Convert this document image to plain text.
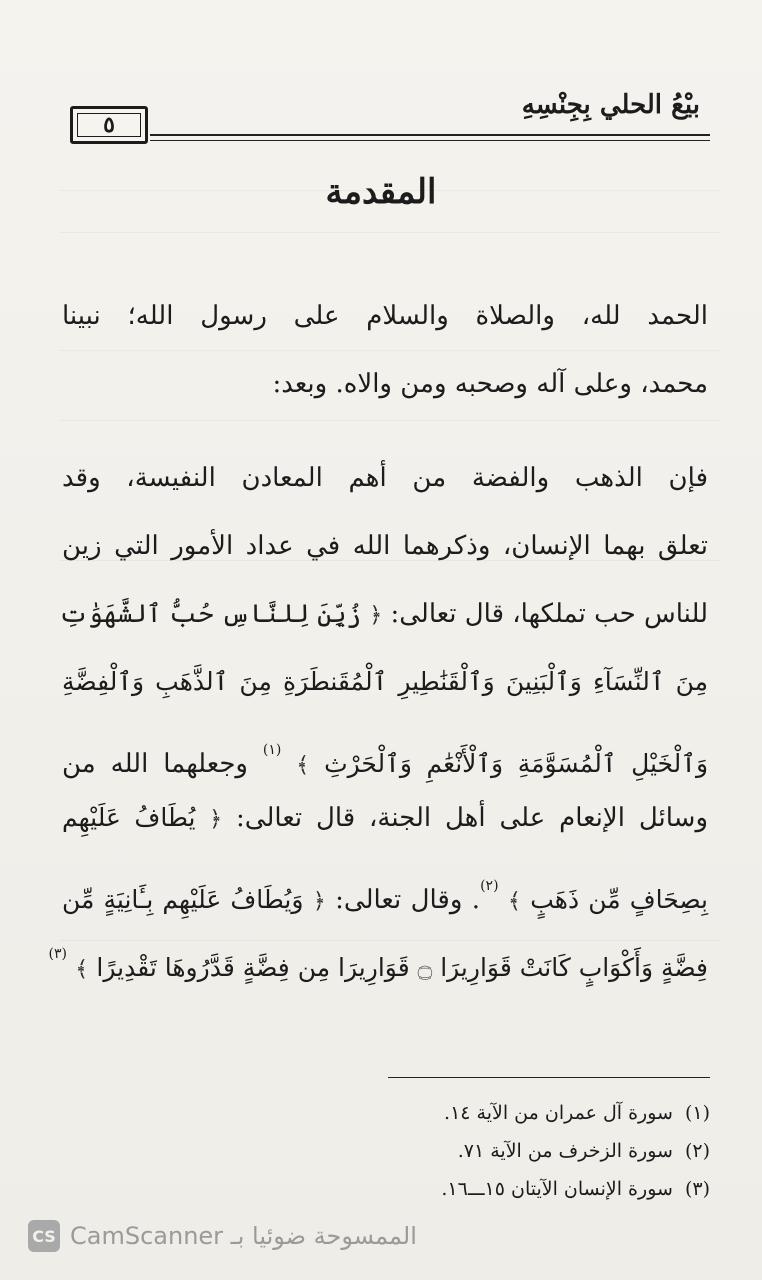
بيْعُ الحلي بِجِنْسِهِ
٥
المقدمة
الحمد لله، والصلاة والسلام على رسول الله؛ نبينا
محمد، وعلى آله وصحبه ومن والاه. وبعد:
فإن الذهب والفضة من أهم المعادن النفيسة، وقد
تعلق بهما الإنسان، وذكرهما الله في عداد الأمور التي زين
للناس حب تملكها، قال تعالى: ﴿ زُيِّنَ لِلنَّاسِ حُبُّ ٱلشَّهَوَٰتِ
مِنَ ٱلنِّسَآءِ وَٱلْبَنِينَ وَٱلْقَنَٰطِيرِ ٱلْمُقَنطَرَةِ مِنَ ٱلذَّهَبِ وَٱلْفِضَّةِ
وَٱلْخَيْلِ ٱلْمُسَوَّمَةِ وَٱلْأَنْعَٰمِ وَٱلْحَرْثِ ﴾ $^{(١)}$ وجعلهما الله من
وسائل الإنعام على أهل الجنة، قال تعالى: ﴿ يُطَافُ عَلَيْهِم
بِصِحَافٍ مِّن ذَهَبٍ ﴾ $^{(٢)}$. وقال تعالى: ﴿ وَيُطَافُ عَلَيْهِم بِـَٔانِيَةٍ مِّن
فِضَّةٍ وَأَكْوَابٍ كَانَتْ قَوَارِيرَا ۝ قَوَارِيرَا مِن فِضَّةٍ قَدَّرُوهَا تَقْدِيرًا ﴾ $^{(٣)}$
(١)سورة آل عمران من الآية ١٤.
(٢)سورة الزخرف من الآية ٧١.
(٣)سورة الإنسان الآيتان ١٥ـــ١٦.
CS CamScanner الممسوحة ضوئيا بـ
